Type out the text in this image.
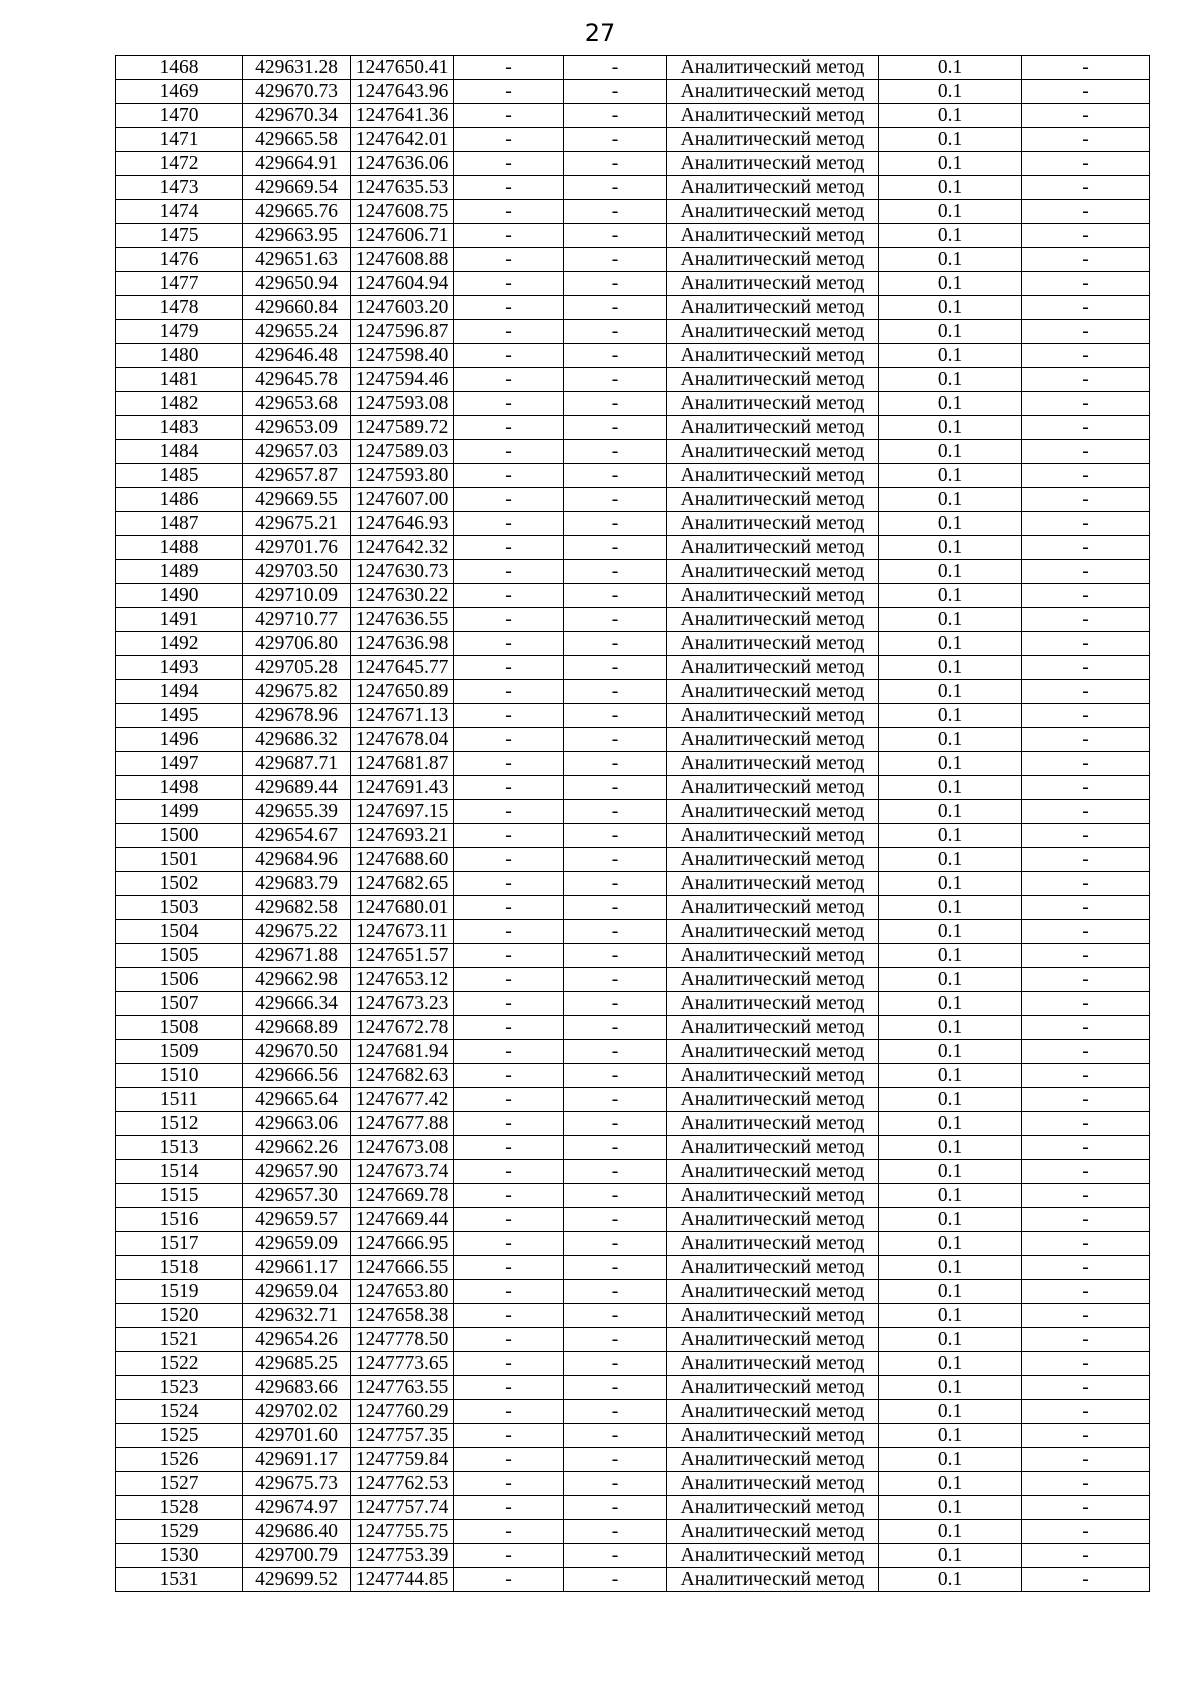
27
1468	429631.28	1247650.41	-	-	Аналитический метод	0.1	-
1469	429670.73	1247643.96	-	-	Аналитический метод	0.1	-
1470	429670.34	1247641.36	-	-	Аналитический метод	0.1	-
1471	429665.58	1247642.01	-	-	Аналитический метод	0.1	-
1472	429664.91	1247636.06	-	-	Аналитический метод	0.1	-
1473	429669.54	1247635.53	-	-	Аналитический метод	0.1	-
1474	429665.76	1247608.75	-	-	Аналитический метод	0.1	-
1475	429663.95	1247606.71	-	-	Аналитический метод	0.1	-
1476	429651.63	1247608.88	-	-	Аналитический метод	0.1	-
1477	429650.94	1247604.94	-	-	Аналитический метод	0.1	-
1478	429660.84	1247603.20	-	-	Аналитический метод	0.1	-
1479	429655.24	1247596.87	-	-	Аналитический метод	0.1	-
1480	429646.48	1247598.40	-	-	Аналитический метод	0.1	-
1481	429645.78	1247594.46	-	-	Аналитический метод	0.1	-
1482	429653.68	1247593.08	-	-	Аналитический метод	0.1	-
1483	429653.09	1247589.72	-	-	Аналитический метод	0.1	-
1484	429657.03	1247589.03	-	-	Аналитический метод	0.1	-
1485	429657.87	1247593.80	-	-	Аналитический метод	0.1	-
1486	429669.55	1247607.00	-	-	Аналитический метод	0.1	-
1487	429675.21	1247646.93	-	-	Аналитический метод	0.1	-
1488	429701.76	1247642.32	-	-	Аналитический метод	0.1	-
1489	429703.50	1247630.73	-	-	Аналитический метод	0.1	-
1490	429710.09	1247630.22	-	-	Аналитический метод	0.1	-
1491	429710.77	1247636.55	-	-	Аналитический метод	0.1	-
1492	429706.80	1247636.98	-	-	Аналитический метод	0.1	-
1493	429705.28	1247645.77	-	-	Аналитический метод	0.1	-
1494	429675.82	1247650.89	-	-	Аналитический метод	0.1	-
1495	429678.96	1247671.13	-	-	Аналитический метод	0.1	-
1496	429686.32	1247678.04	-	-	Аналитический метод	0.1	-
1497	429687.71	1247681.87	-	-	Аналитический метод	0.1	-
1498	429689.44	1247691.43	-	-	Аналитический метод	0.1	-
1499	429655.39	1247697.15	-	-	Аналитический метод	0.1	-
1500	429654.67	1247693.21	-	-	Аналитический метод	0.1	-
1501	429684.96	1247688.60	-	-	Аналитический метод	0.1	-
1502	429683.79	1247682.65	-	-	Аналитический метод	0.1	-
1503	429682.58	1247680.01	-	-	Аналитический метод	0.1	-
1504	429675.22	1247673.11	-	-	Аналитический метод	0.1	-
1505	429671.88	1247651.57	-	-	Аналитический метод	0.1	-
1506	429662.98	1247653.12	-	-	Аналитический метод	0.1	-
1507	429666.34	1247673.23	-	-	Аналитический метод	0.1	-
1508	429668.89	1247672.78	-	-	Аналитический метод	0.1	-
1509	429670.50	1247681.94	-	-	Аналитический метод	0.1	-
1510	429666.56	1247682.63	-	-	Аналитический метод	0.1	-
1511	429665.64	1247677.42	-	-	Аналитический метод	0.1	-
1512	429663.06	1247677.88	-	-	Аналитический метод	0.1	-
1513	429662.26	1247673.08	-	-	Аналитический метод	0.1	-
1514	429657.90	1247673.74	-	-	Аналитический метод	0.1	-
1515	429657.30	1247669.78	-	-	Аналитический метод	0.1	-
1516	429659.57	1247669.44	-	-	Аналитический метод	0.1	-
1517	429659.09	1247666.95	-	-	Аналитический метод	0.1	-
1518	429661.17	1247666.55	-	-	Аналитический метод	0.1	-
1519	429659.04	1247653.80	-	-	Аналитический метод	0.1	-
1520	429632.71	1247658.38	-	-	Аналитический метод	0.1	-
1521	429654.26	1247778.50	-	-	Аналитический метод	0.1	-
1522	429685.25	1247773.65	-	-	Аналитический метод	0.1	-
1523	429683.66	1247763.55	-	-	Аналитический метод	0.1	-
1524	429702.02	1247760.29	-	-	Аналитический метод	0.1	-
1525	429701.60	1247757.35	-	-	Аналитический метод	0.1	-
1526	429691.17	1247759.84	-	-	Аналитический метод	0.1	-
1527	429675.73	1247762.53	-	-	Аналитический метод	0.1	-
1528	429674.97	1247757.74	-	-	Аналитический метод	0.1	-
1529	429686.40	1247755.75	-	-	Аналитический метод	0.1	-
1530	429700.79	1247753.39	-	-	Аналитический метод	0.1	-
1531	429699.52	1247744.85	-	-	Аналитический метод	0.1	-
